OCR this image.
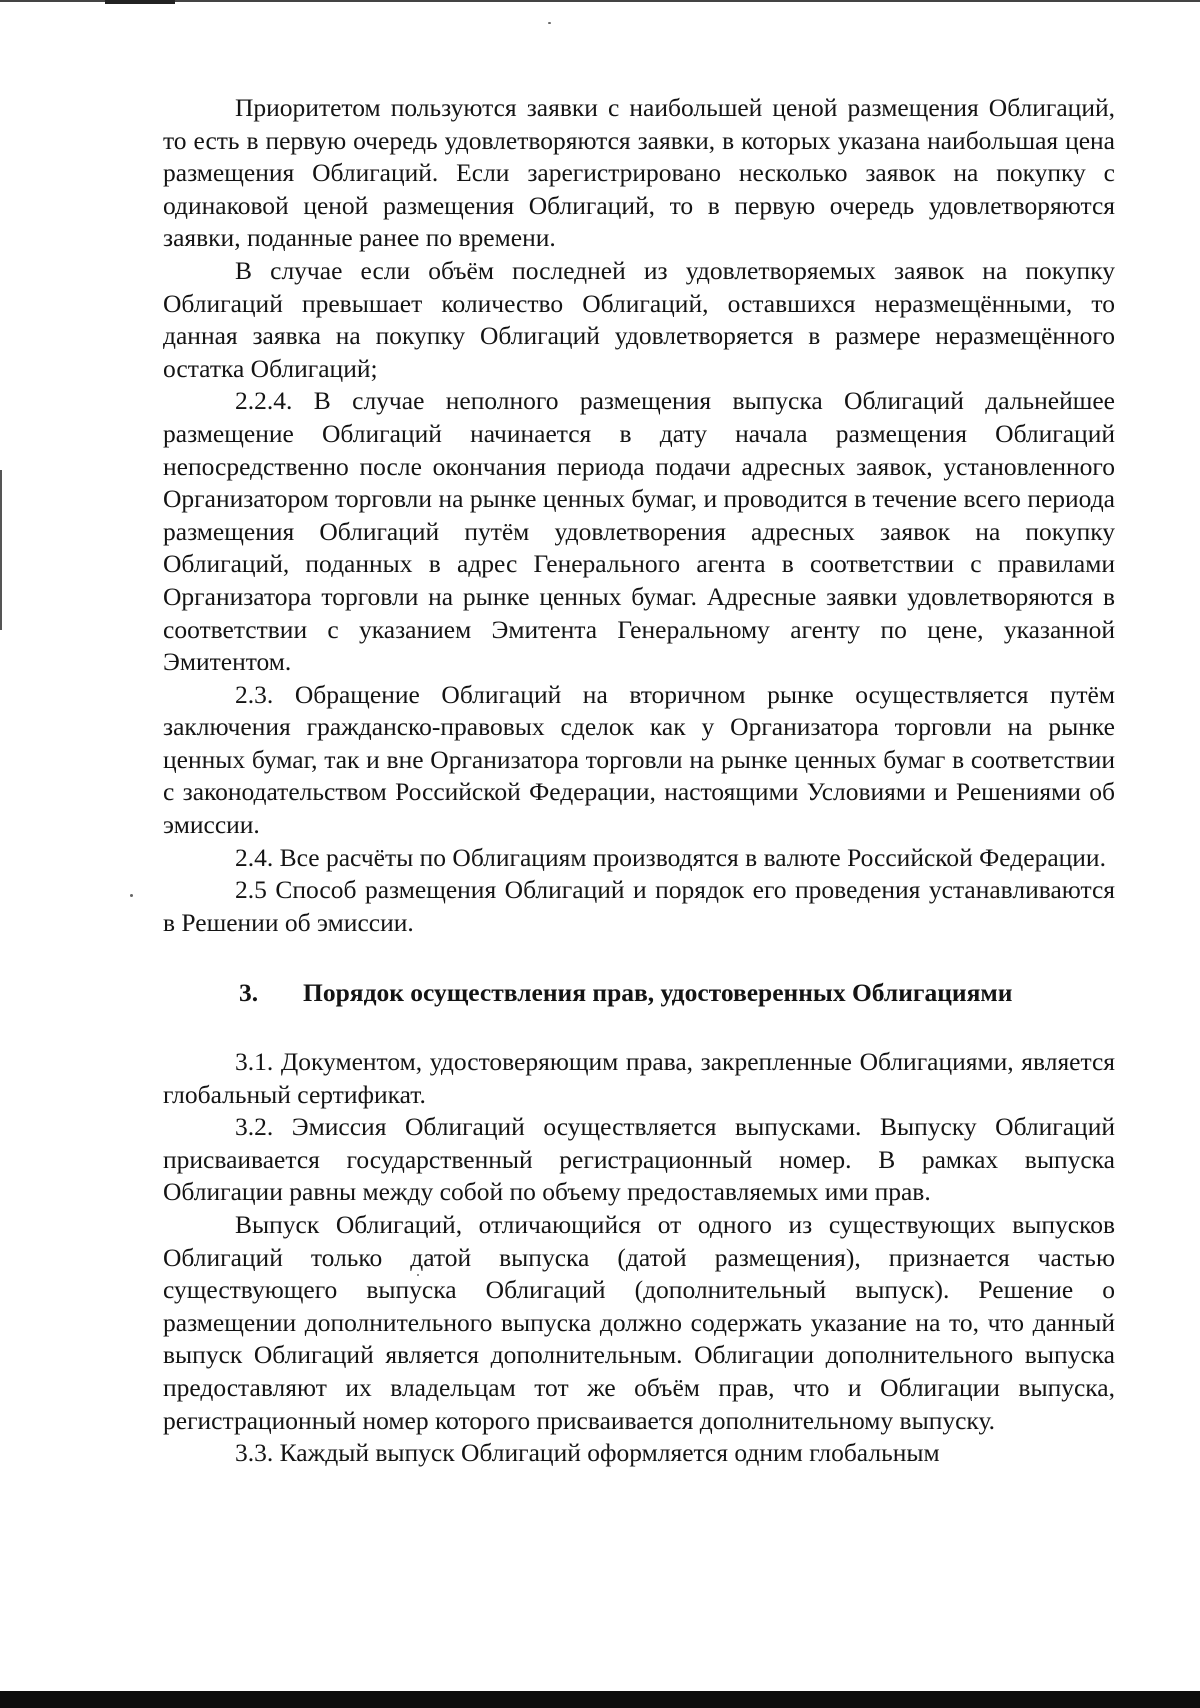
Приоритетом пользуются заявки с наибольшей ценой размещения Облигаций, то есть в первую очередь удовлетворяются заявки, в которых указана наибольшая цена размещения Облигаций. Если зарегистрировано несколько заявок на покупку с одинаковой ценой размещения Облигаций, то в первую очередь удовлетворяются заявки, поданные ранее по времени.

В случае если объём последней из удовлетворяемых заявок на покупку Облигаций превышает количество Облигаций, оставшихся неразмещёнными, то данная заявка на покупку Облигаций удовлетворяется в размере неразмещённого остатка Облигаций;

2.2.4. В случае неполного размещения выпуска Облигаций дальнейшее размещение Облигаций начинается в дату начала размещения Облигаций непосредственно после окончания периода подачи адресных заявок, установленного Организатором торговли на рынке ценных бумаг, и проводится в течение всего периода размещения Облигаций путём удовлетворения адресных заявок на покупку Облигаций, поданных в адрес Генерального агента в соответствии с правилами Организатора торговли на рынке ценных бумаг. Адресные заявки удовлетворяются в соответствии с указанием Эмитента Генеральному агенту по цене, указанной Эмитентом.

2.3. Обращение Облигаций на вторичном рынке осуществляется путём заключения гражданско-правовых сделок как у Организатора торговли на рынке ценных бумаг, так и вне Организатора торговли на рынке ценных бумаг в соответствии с законодательством Российской Федерации, настоящими Условиями и Решениями об эмиссии.

2.4. Все расчёты по Облигациям производятся в валюте Российской Федерации.

2.5 Способ размещения Облигаций и порядок его проведения устанавливаются в Решении об эмиссии.

3.	Порядок осуществления прав, удостоверенных Облигациями

3.1. Документом, удостоверяющим права, закрепленные Облигациями, является глобальный сертификат.

3.2. Эмиссия Облигаций осуществляется выпусками. Выпуску Облигаций присваивается государственный регистрационный номер. В рамках выпуска Облигации равны между собой по объему предоставляемых ими прав.

Выпуск Облигаций, отличающийся от одного из существующих выпусков Облигаций только датой выпуска (датой размещения), признается частью существующего выпуска Облигаций (дополнительный выпуск). Решение о размещении дополнительного выпуска должно содержать указание на то, что данный выпуск Облигаций является дополнительным. Облигации дополнительного выпуска предоставляют их владельцам тот же объём прав, что и Облигации выпуска, регистрационный номер которого присваивается дополнительному выпуску.

3.3. Каждый выпуск Облигаций оформляется одним глобальным
